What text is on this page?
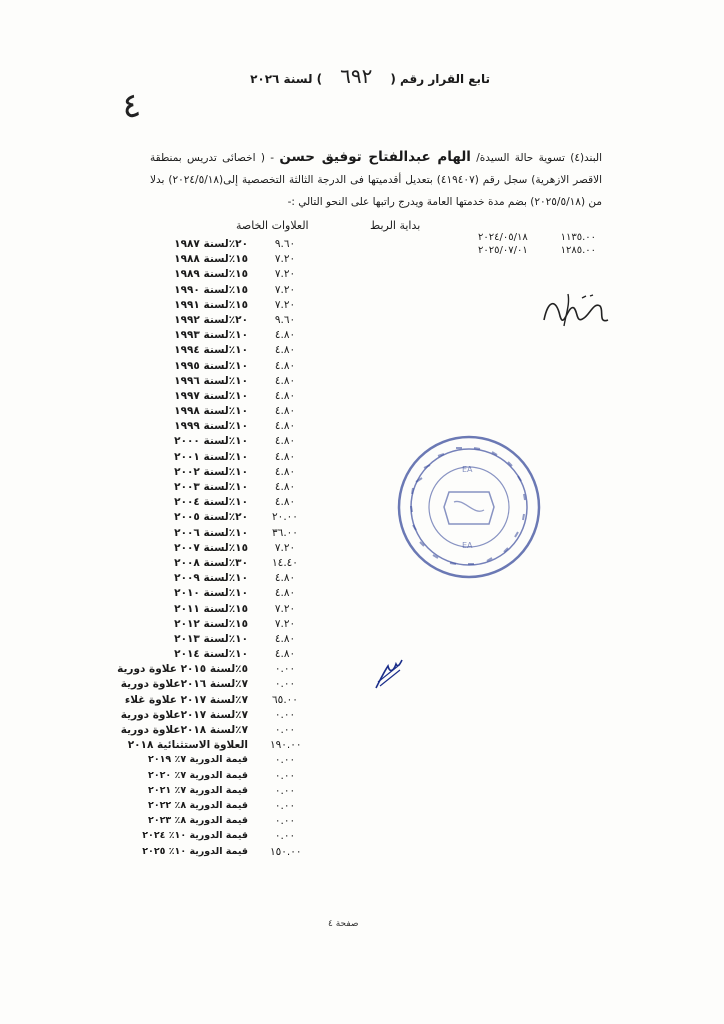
تابع القرار رقم (٦٩٢) لسنة ٢٠٢٦
٤
البند(٤) تسوية حالة السيدة/ الهام عبدالفتاح توفيق حسن - ( اخصائى تدريس بمنطقة الاقصر الازهرية) سجل رقم (٤١٩٤٠٧) بتعديل أقدميتها فى الدرجة الثالثة التخصصية إلى(٢٠٢٤/٥/١٨) بدلا من (٢٠٢٥/٥/١٨) بضم مدة خدمتها العامة ويدرج راتبها على النحو التالي :-
بداية الربط
العلاوات الخاصة
٢٠٢٤/٠٥/١٨	١١٣٥.٠٠
٢٠٢٥/٠٧/٠١	١٢٨٥.٠٠
٢٠٪لسنة ١٩٨٧	٩.٦٠
١٥٪لسنة ١٩٨٨	٧.٢٠
١٥٪لسنة ١٩٨٩	٧.٢٠
١٥٪لسنة ١٩٩٠	٧.٢٠
١٥٪لسنة ١٩٩١	٧.٢٠
٢٠٪لسنة ١٩٩٢	٩.٦٠
١٠٪لسنة ١٩٩٣	٤.٨٠
١٠٪لسنة ١٩٩٤	٤.٨٠
١٠٪لسنة ١٩٩٥	٤.٨٠
١٠٪لسنة ١٩٩٦	٤.٨٠
١٠٪لسنة ١٩٩٧	٤.٨٠
١٠٪لسنة ١٩٩٨	٤.٨٠
١٠٪لسنة ١٩٩٩	٤.٨٠
١٠٪لسنة ٢٠٠٠	٤.٨٠
١٠٪لسنة ٢٠٠١	٤.٨٠
١٠٪لسنة ٢٠٠٢	٤.٨٠
١٠٪لسنة ٢٠٠٣	٤.٨٠
١٠٪لسنة ٢٠٠٤	٤.٨٠
٢٠٪لسنة ٢٠٠٥ ٢٠.٠٠
١٠٪لسنة ٢٠٠٦ ٣٦.٠٠
١٥٪لسنة ٢٠٠٧	٧.٢٠
٣٠٪لسنة ٢٠٠٨ ١٤.٤٠
١٠٪لسنة ٢٠٠٩	٤.٨٠
١٠٪لسنة ٢٠١٠	٤.٨٠
١٥٪لسنة ٢٠١١	٧.٢٠
١٥٪لسنة ٢٠١٢	٧.٢٠
١٠٪لسنة ٢٠١٣	٤.٨٠
١٠٪لسنة ٢٠١٤	٤.٨٠
٥٪لسنة ٢٠١٥ علاوة دورية	٠.٠٠
٧٪لسنة ٢٠١٦علاوة دورية	٠.٠٠
٧٪لسنة ٢٠١٧ علاوة غلاء ٦٥.٠٠
٧٪لسنة ٢٠١٧علاوة دورية	٠.٠٠
٧٪لسنة ٢٠١٨علاوة دورية	٠.٠٠
العلاوة الاستثنائية ٢٠١٨ ١٩٠.٠٠
قيمة الدورية ٧٪ ٢٠١٩	٠.٠٠
قيمة الدورية ٧٪ ٢٠٢٠	٠.٠٠
قيمة الدورية ٧٪ ٢٠٢١	٠.٠٠
قيمة الدورية ٨٪ ٢٠٢٢	٠.٠٠
قيمة الدورية ٨٪ ٢٠٢٣	٠.٠٠
قيمة الدورية ١٠٪ ٢٠٢٤	٠.٠٠
قيمة الدورية ١٠٪ ٢٠٢٥ ١٥٠.٠٠
EA
EA
صفحة ٤
